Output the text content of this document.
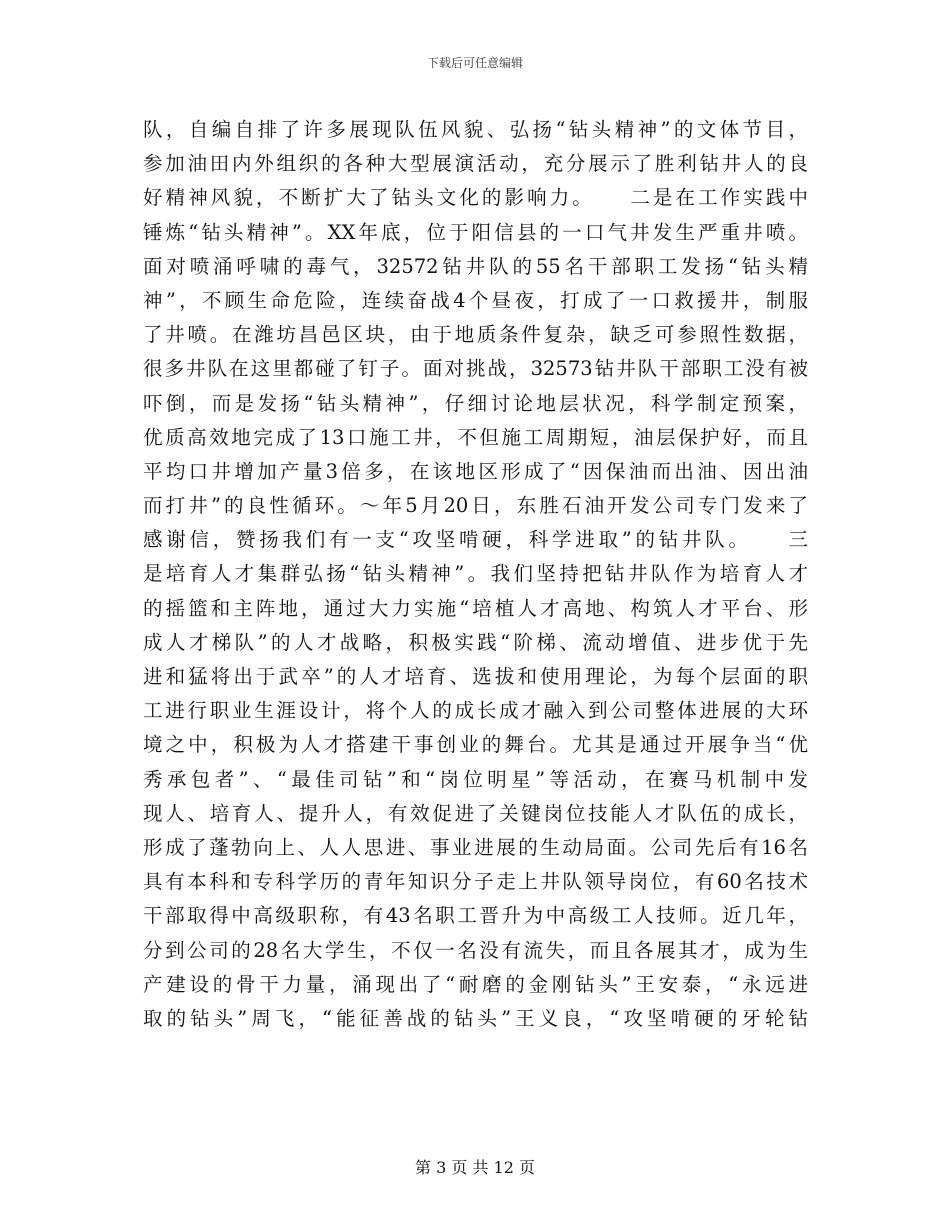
下载后可任意编辑
队，自编自排了许多展现队伍风貌、弘扬“钻头精神”的文体节目，
参加油田内外组织的各种大型展演活动，充分展示了胜利钻井人的良
好精神风貌，不断扩大了钻头文化的影响力。　　二是在工作实践中
锤炼“钻头精神”。XX年底，位于阳信县的一口气井发生严重井喷。
面对喷涌呼啸的毒气，32572钻井队的55名干部职工发扬“钻头精
神”，不顾生命危险，连续奋战4个昼夜，打成了一口救援井，制服
了井喷。在潍坊昌邑区块，由于地质条件复杂，缺乏可参照性数据，
很多井队在这里都碰了钉子。面对挑战，32573钻井队干部职工没有被
吓倒，而是发扬“钻头精神”，仔细讨论地层状况，科学制定预案，
优质高效地完成了13口施工井，不但施工周期短，油层保护好，而且
平均口井增加产量3倍多，在该地区形成了“因保油而出油、因出油
而打井”的良性循环。～年5月20日，东胜石油开发公司专门发来了
感谢信，赞扬我们有一支“攻坚啃硬，科学进取”的钻井队。　　三
是培育人才集群弘扬“钻头精神”。我们坚持把钻井队作为培育人才
的摇篮和主阵地，通过大力实施“培植人才高地、构筑人才平台、形
成人才梯队”的人才战略，积极实践“阶梯、流动增值、进步优于先
进和猛将出于武卒”的人才培育、选拔和使用理论，为每个层面的职
工进行职业生涯设计，将个人的成长成才融入到公司整体进展的大环
境之中，积极为人才搭建干事创业的舞台。尤其是通过开展争当“优
秀承包者”、“最佳司钻”和“岗位明星”等活动，在赛马机制中发
现人、培育人、提升人，有效促进了关键岗位技能人才队伍的成长，
形成了蓬勃向上、人人思进、事业进展的生动局面。公司先后有16名
具有本科和专科学历的青年知识分子走上井队领导岗位，有60名技术
干部取得中高级职称，有43名职工晋升为中高级工人技师。近几年，
分到公司的28名大学生，不仅一名没有流失，而且各展其才，成为生
产建设的骨干力量，涌现出了“耐磨的金刚钻头”王安泰，“永远进
取的钻头”周飞，“能征善战的钻头”王义良，“攻坚啃硬的牙轮钻
第 3 页 共 12 页
